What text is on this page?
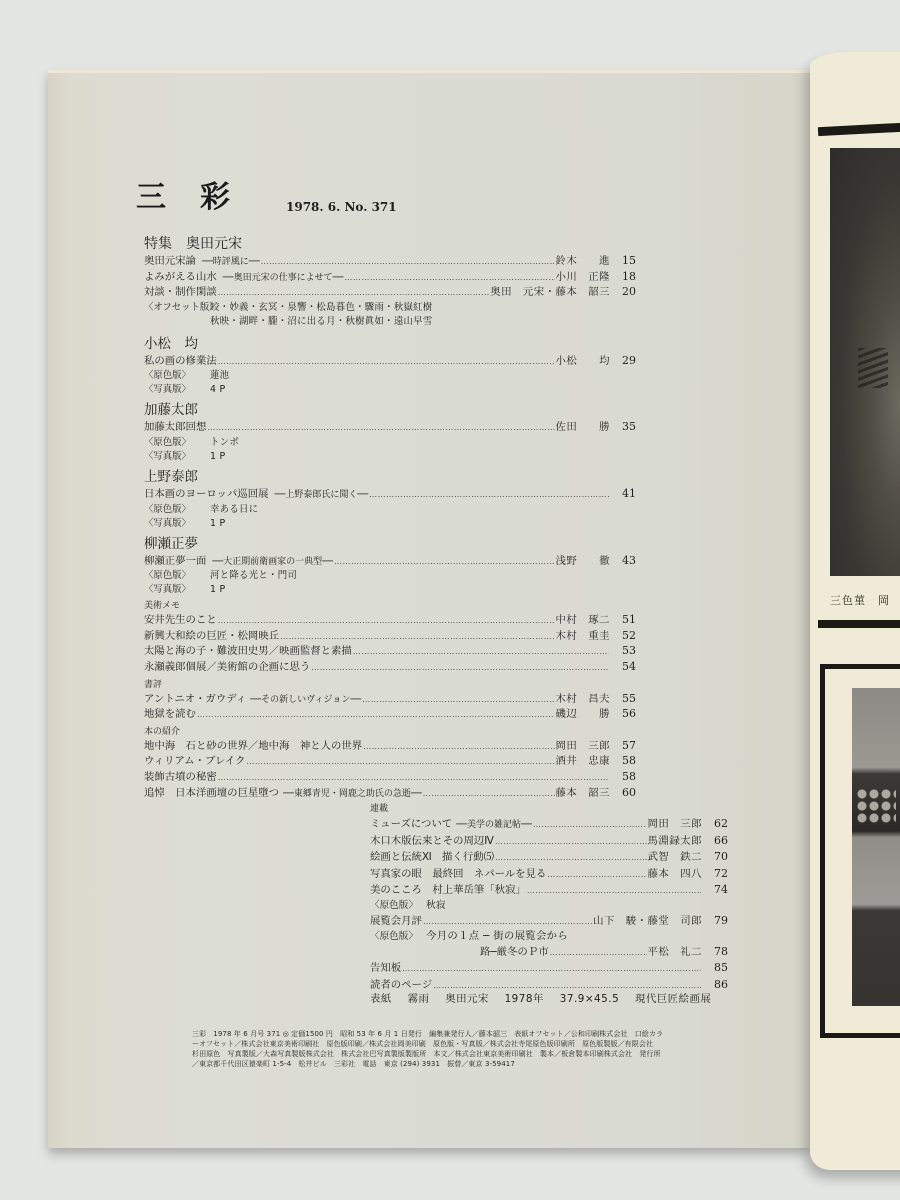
三色菫　岡
三彩 1978. 6. No. 371
特集　奥田元宋
奥田元宋論 ──時評風に── …………………………………………………………………………………………………………………………………………………………………………………………	鈴木　　進	15
よみがえる山水 ──奥田元宋の仕事によせて── …………………………………………………………………………………………………………………………………………………………………………………………	小川　正隆	18
対談・制作閑談 …………………………………………………………………………………………………………………………………………………………………………………………	奥田　元宋・藤本　韶三	20
〈オフセット版〉
皎・妙義・玄冥・泉響・松島暮色・驟雨・秋嶽紅樹
秋映・湖畔・朧・沼に出る月・秋樹眞如・遠山早雪
小松　均
私の画の修業法 …………………………………………………………………………………………………………………………………………………………………………………………	小松　　均	29
〈原色版〉	蓮池
〈写真版〉	4 P
加藤太郎
加藤太郎回想 …………………………………………………………………………………………………………………………………………………………………………………………	佐田　　勝	35
〈原色版〉	トンボ
〈写真版〉	1 P
上野泰郎
日本画のヨーロッパ巡回展 ──上野泰郎氏に聞く── …………………………………………………………………………………………………………………………………………………………………………………………	41
〈原色版〉	幸ある日に
〈写真版〉	1 P
柳瀬正夢
柳瀬正夢一面 ──大正期前衛画家の一典型── …………………………………………………………………………………………………………………………………………………………………………………………	浅野　　徹	43
〈原色版〉	河と降る光と・門司
〈写真版〉	1 P
美術メモ
安井先生のこと …………………………………………………………………………………………………………………………………………………………………………………………	中村　琢二	51
新興大和絵の巨匠・松岡映丘 …………………………………………………………………………………………………………………………………………………………………………………………	木村　重圭	52
太陽と海の子・難波田史男／映画監督と素描 …………………………………………………………………………………………………………………………………………………………………………………………	53
永瀬義郎個展／美術館の企画に思う …………………………………………………………………………………………………………………………………………………………………………………………	54
書評
アントニオ・ガウディ ──その新しいヴィジョン── …………………………………………………………………………………………………………………………………………………………………………………………	木村　昌夫	55
地獄を読む …………………………………………………………………………………………………………………………………………………………………………………………	磯辺　　勝	56
本の紹介
地中海　石と砂の世界／地中海　神と人の世界 …………………………………………………………………………………………………………………………………………………………………………………………	岡田　三郎	57
ウィリアム・ブレイク …………………………………………………………………………………………………………………………………………………………………………………………	酒井　忠康	58
装飾古墳の秘密 …………………………………………………………………………………………………………………………………………………………………………………………	58
追悼　日本洋画壇の巨星墮つ ──東郷青児・岡鹿之助氏の急逝── …………………………………………………………………………………………………………………………………………………………………………………………	藤本　韶三	60
連載
ミューズについて ──美学の雑記帖── …………………………………………………………………………………………………………………………………………………………………………………………	岡田　三郎	62
木口木版伝来とその周辺Ⅳ …………………………………………………………………………………………………………………………………………………………………………………………	馬淵録太郎	66
絵画と伝統Ⅺ　描く行動⑸ …………………………………………………………………………………………………………………………………………………………………………………………	武智　鉄二	70
写真家の眼　最終回　ネパールを見る …………………………………………………………………………………………………………………………………………………………………………………………	藤本　四八	72
美のこころ　村上華岳筆「秋寂」 …………………………………………………………………………………………………………………………………………………………………………………………	74
〈原色版〉 秋寂
展覧会月評 …………………………………………………………………………………………………………………………………………………………………………………………	山下　駿・藤堂　司郎	79
〈原色版〉 今月の１点 ─ 街の展覧会から
路─厳冬のＰ市 …………………………………………………………………………………………………………………………………………………………………………………………	平松　礼二	78
告知板 …………………………………………………………………………………………………………………………………………………………………………………………	85
読者のページ …………………………………………………………………………………………………………………………………………………………………………………………	86
表紙 霧雨 奥田元宋 1978年 37.9×45.5 現代巨匠絵画展
三彩　1978 年 6 月号 371 ◎ 定価1500 円　昭和 53 年 6 月 1 日発行　編集兼発行人／藤本韶三　表紙オフセット／公和印刷株式会社　口絵カラ
ーオフセット／株式会社東京美術印刷社　原色版印刷／株式会社岡美印刷　原色版・写真版／株式会社寺尾原色版印刷所　原色版製版／有限会社
杉田原色　写真製版／大森写真製版株式会社　株式会社巴写真製版製版所　本文／株式会社東京美術印刷社　製本／板倉製本印刷株式会社　発行所
／東京都千代田区猿楽町 1-5-4　松井ビル　三彩社　電話　東京 (294) 3931　振替／東京 3-59417
